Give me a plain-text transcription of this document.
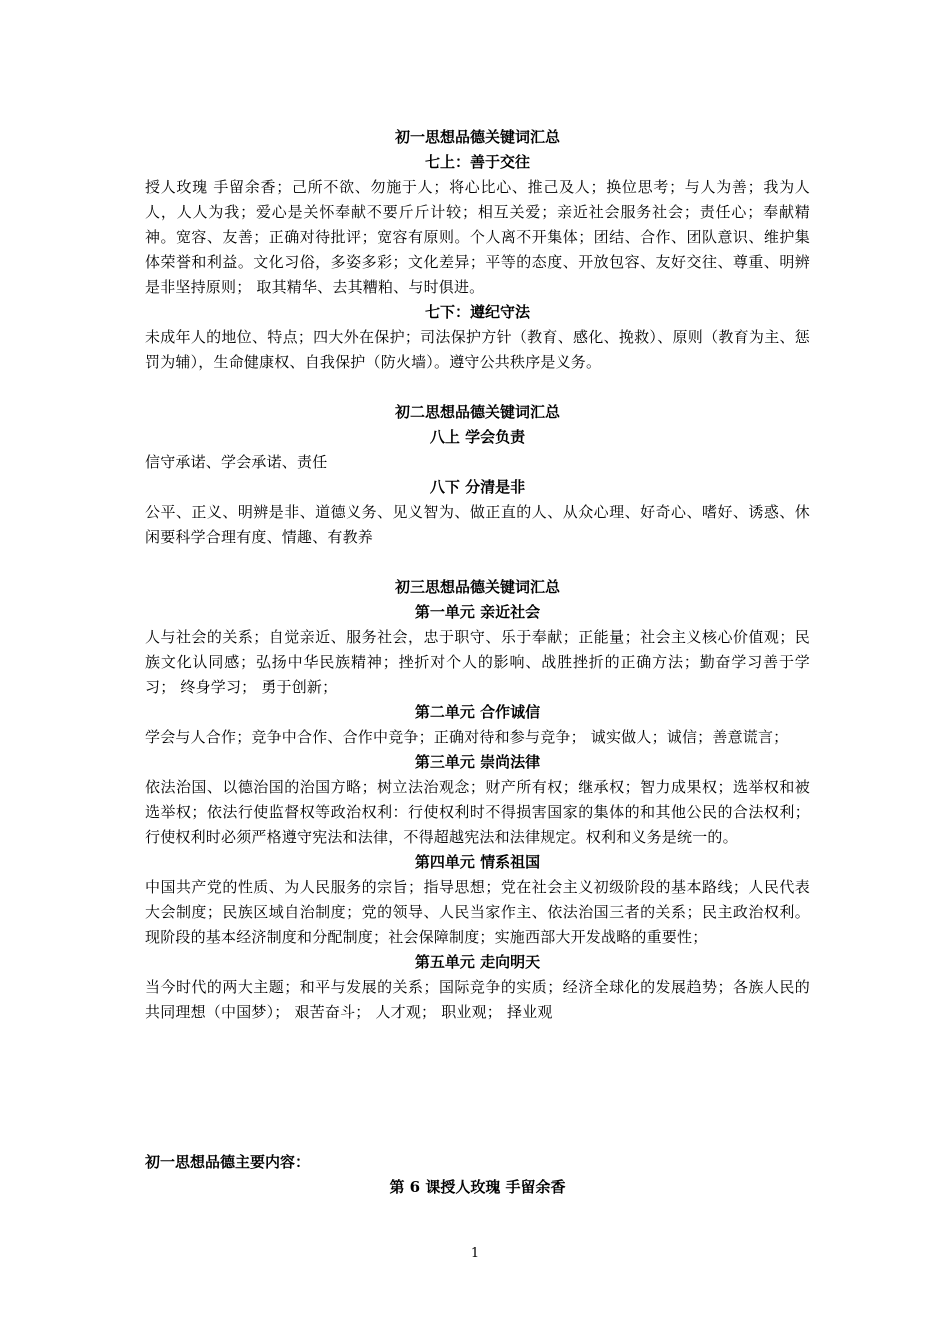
初一思想品德关键词汇总

七上：善于交往

授人玫瑰 手留余香；己所不欲、勿施于人；将心比心、推己及人；换位思考；与人为善；我为人人，人人为我；爱心是关怀奉献不要斤斤计较；相互关爱；亲近社会服务社会；责任心；奉献精神。宽容、友善；正确对待批评；宽容有原则。个人离不开集体；团结、合作、团队意识、维护集体荣誉和利益。文化习俗，多姿多彩；文化差异；平等的态度、开放包容、友好交往、尊重、明辨是非坚持原则； 取其精华、去其糟粕、与时俱进。

七下：遵纪守法

未成年人的地位、特点；四大外在保护；司法保护方针（教育、感化、挽救）、原则（教育为主、惩罚为辅），生命健康权、自我保护（防火墙）。遵守公共秩序是义务。

初二思想品德关键词汇总

八上 学会负责

信守承诺、学会承诺、责任

八下 分清是非

公平、正义、明辨是非、道德义务、见义智为、做正直的人、从众心理、好奇心、嗜好、诱惑、休闲要科学合理有度、情趣、有教养

初三思想品德关键词汇总

第一单元 亲近社会

人与社会的关系；自觉亲近、服务社会，忠于职守、乐于奉献；正能量；社会主义核心价值观；民族文化认同感；弘扬中华民族精神；挫折对个人的影响、战胜挫折的正确方法；勤奋学习善于学习； 终身学习； 勇于创新；

第二单元 合作诚信

学会与人合作；竞争中合作、合作中竞争；正确对待和参与竞争； 诚实做人；诚信；善意谎言；

第三单元 崇尚法律

依法治国、以德治国的治国方略；树立法治观念；财产所有权；继承权；智力成果权；选举权和被选举权；依法行使监督权等政治权利：行使权利时不得损害国家的集体的和其他公民的合法权利；行使权利时必须严格遵守宪法和法律，不得超越宪法和法律规定。权利和义务是统一的。

第四单元 情系祖国

中国共产党的性质、为人民服务的宗旨；指导思想；党在社会主义初级阶段的基本路线；人民代表大会制度；民族区域自治制度；党的领导、人民当家作主、依法治国三者的关系；民主政治权利。现阶段的基本经济制度和分配制度；社会保障制度；实施西部大开发战略的重要性；

第五单元 走向明天

当今时代的两大主题；和平与发展的关系；国际竞争的实质；经济全球化的发展趋势；各族人民的共同理想（中国梦）； 艰苦奋斗； 人才观； 职业观； 择业观

初一思想品德主要内容：

第 6 课授人玫瑰 手留余香

1
